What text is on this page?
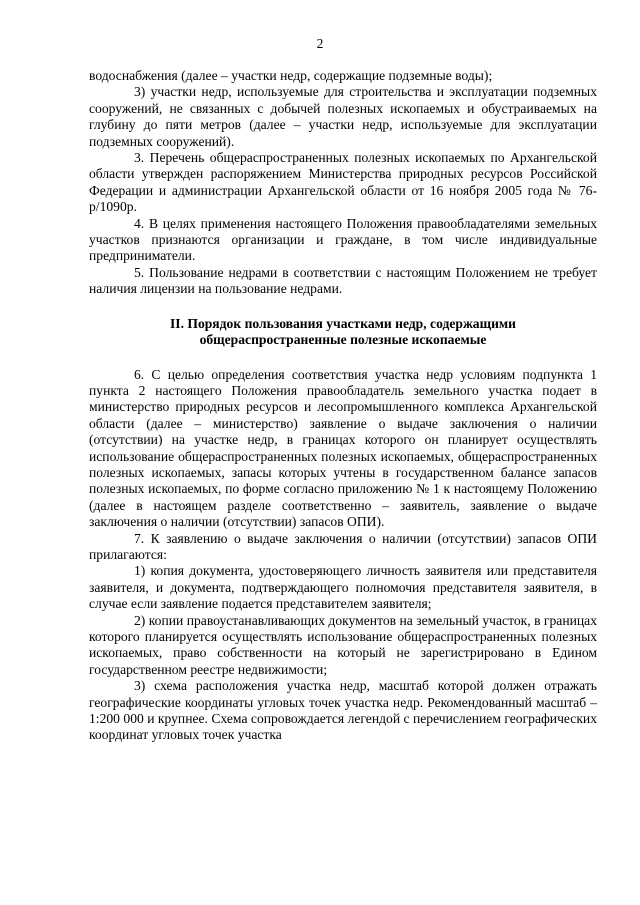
2

водоснабжения (далее – участки недр, содержащие подземные воды);

3) участки недр, используемые для строительства и эксплуатации подземных сооружений, не связанных с добычей полезных ископаемых и обустраиваемых на глубину до пяти метров (далее – участки недр, используемые для эксплуатации подземных сооружений).

3. Перечень общераспространенных полезных ископаемых по Архангельской области утвержден распоряжением Министерства природных ресурсов Российской Федерации и администрации Архангельской области от 16 ноября 2005 года № 76-р/1090р.

4. В целях применения настоящего Положения правообладателями земельных участков признаются организации и граждане, в том числе индивидуальные предприниматели.

5. Пользование недрами в соответствии с настоящим Положением не требует наличия лицензии на пользование недрами.

II. Порядок пользования участками недр, содержащими
общераспространенные полезные ископаемые

6. С целью определения соответствия участка недр условиям подпункта 1 пункта 2 настоящего Положения правообладатель земельного участка подает в министерство природных ресурсов и лесопромышленного комплекса Архангельской области (далее – министерство) заявление о выдаче заключения о наличии (отсутствии) на участке недр, в границах которого он планирует осуществлять использование общераспространенных полезных ископаемых, общераспространенных полезных ископаемых, запасы которых учтены в государственном балансе запасов полезных ископаемых, по форме согласно приложению № 1 к настоящему Положению (далее в настоящем разделе соответственно – заявитель, заявление о выдаче заключения о наличии (отсутствии) запасов ОПИ).

7. К заявлению о выдаче заключения о наличии (отсутствии) запасов ОПИ прилагаются:

1) копия документа, удостоверяющего личность заявителя или представителя заявителя, и документа, подтверждающего полномочия представителя заявителя, в случае если заявление подается представителем заявителя;

2) копии правоустанавливающих документов на земельный участок, в границах которого планируется осуществлять использование общераспространенных полезных ископаемых, право собственности на который не зарегистрировано в Едином государственном реестре недвижимости;

3) схема расположения участка недр, масштаб которой должен отражать географические координаты угловых точек участка недр. Рекомендованный масштаб – 1:200 000 и крупнее. Схема сопровождается легендой с перечислением географических координат угловых точек участка
